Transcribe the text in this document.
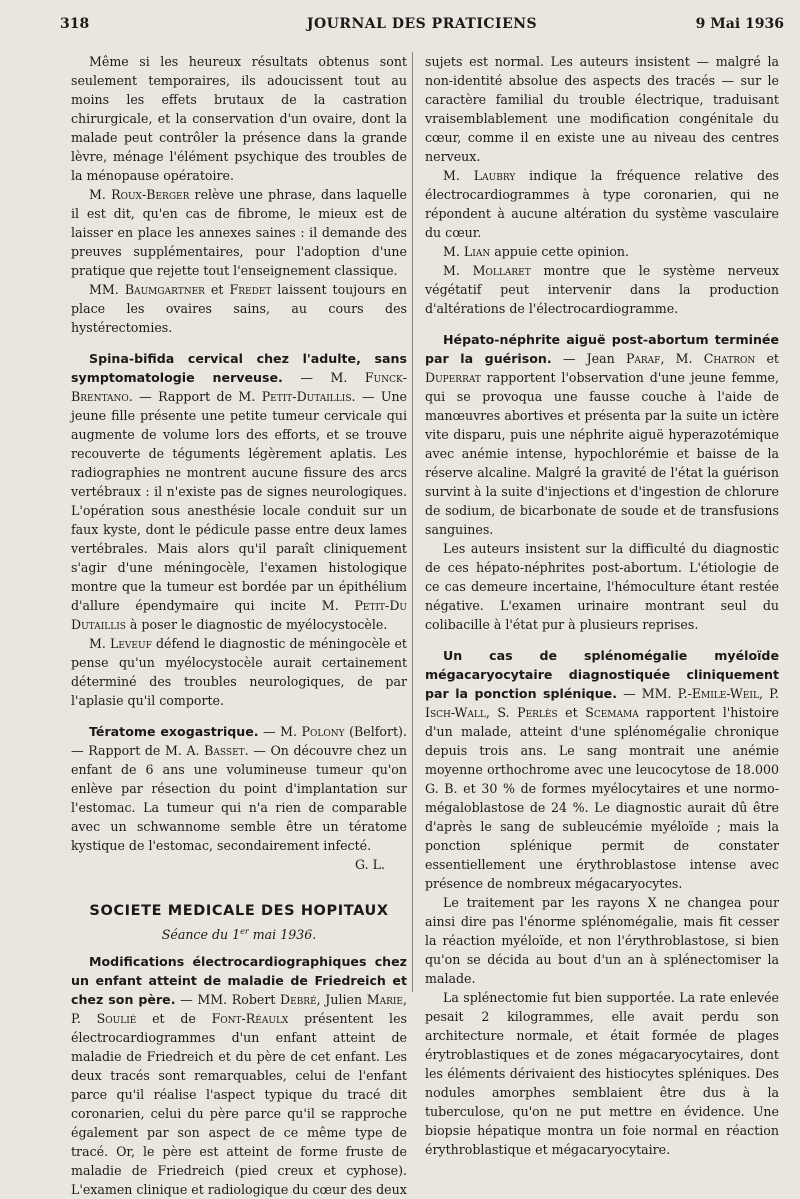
JOURNAL DES PRATICIENS
318	9 Mai 1936

Même si les heureux résultats obtenus sont seulement temporaires, ils adoucissent tout au moins les effets brutaux de la castration chirurgicale, et la conservation d'un ovaire, dont la malade peut contrôler la présence dans la grande lèvre, ménage l'élément psychique des troubles de la ménopause opératoire.

M. Roux-Berger relève une phrase, dans laquelle il est dit, qu'en cas de fibrome, le mieux est de laisser en place les annexes saines : il demande des preuves supplémentaires, pour l'adoption d'une pratique que rejette tout l'enseignement classique.

MM. Baumgartner et Fredet laissent toujours en place les ovaires sains, au cours des hystérectomies.

Spina-bifida cervical chez l'adulte, sans symptomatologie nerveuse. — M. Funck-Brentano. — Rapport de M. Petit-Dutaillis. — Une jeune fille présente une petite tumeur cervicale qui augmente de volume lors des efforts, et se trouve recouverte de téguments légèrement aplatis. Les radiographies ne montrent aucune fissure des arcs vertébraux : il n'existe pas de signes neurologiques. L'opération sous anesthésie locale conduit sur un faux kyste, dont le pédicule passe entre deux lames vertébrales. Mais alors qu'il paraît cliniquement s'agir d'une méningocèle, l'examen histologique montre que la tumeur est bordée par un épithélium d'allure épendymaire qui incite M. Petit-Du Dutaillis à poser le diagnostic de myélocystocèle.

M. Leveuf défend le diagnostic de méningocèle et pense qu'un myélocystocèle aurait certainement déterminé des troubles neurologiques, de par l'aplasie qu'il comporte.

Tératome exogastrique. — M. Polony (Belfort). — Rapport de M. A. Basset. — On découvre chez un enfant de 6 ans une volumineuse tumeur qu'on enlève par résection du point d'implantation sur l'estomac. La tumeur qui n'a rien de comparable avec un schwannome semble être un tératome kystique de l'estomac, secondairement infecté.

G. L.
SOCIETE MEDICALE DES HOPITAUX
Séance du 1er mai 1936.

Modifications électrocardiographiques chez un enfant atteint de maladie de Friedreich et chez son père. — MM. Robert Debré, Julien Marie, P. Soulié et de Font-Réaulx présentent les électrocardiogrammes d'un enfant atteint de maladie de Friedreich et du père de cet enfant. Les deux tracés sont remarquables, celui de l'enfant parce qu'il réalise l'aspect typique du tracé dit coronarien, celui du père parce qu'il se rapproche également par son aspect de ce même type de tracé. Or, le père est atteint de forme fruste de maladie de Friedreich (pied creux et cyphose). L'examen clinique et radiologique du cœur des deux

sujets est normal. Les auteurs insistent — malgré la non-identité absolue des aspects des tracés — sur le caractère familial du trouble électrique, traduisant vraisemblablement une modification congénitale du cœur, comme il en existe une au niveau des centres nerveux.

M. Laubry indique la fréquence relative des électrocardiogrammes à type coronarien, qui ne répondent à aucune altération du système vasculaire du cœur.

M. Lian appuie cette opinion.

M. Mollaret montre que le système nerveux végétatif peut intervenir dans la production d'altérations de l'électrocardiogramme.

Hépato-néphrite aiguë post-abortum terminée par la guérison. — Jean Paraf, M. Chatron et Duperrat rapportent l'observation d'une jeune femme, qui se provoqua une fausse couche à l'aide de manœuvres abortives et présenta par la suite un ictère vite disparu, puis une néphrite aiguë hyperazotémique avec anémie intense, hypochlorémie et baisse de la réserve alcaline. Malgré la gravité de l'état la guérison survint à la suite d'injections et d'ingestion de chlorure de sodium, de bicarbonate de soude et de transfusions sanguines.

Les auteurs insistent sur la difficulté du diagnostic de ces hépato-néphrites post-abortum. L'étiologie de ce cas demeure incertaine, l'hémoculture étant restée négative. L'examen urinaire montrant seul du colibacille à l'état pur à plusieurs reprises.

Un cas de splénomégalie myéloïde mégacaryocytaire diagnostiquée cliniquement par la ponction splénique. — MM. P.-Emile-Weil, P. Isch-Wall, S. Perlès et Scemama rapportent l'histoire d'un malade, atteint d'une splénomégalie chronique depuis trois ans. Le sang montrait une anémie moyenne orthochrome avec une leucocytose de 18.000 G. B. et 30 % de formes myélocytaires et une normo-mégaloblastose de 24 %. Le diagnostic aurait dû être d'après le sang de subleucémie myéloïde ; mais la ponction splénique permit de constater essentiellement une érythroblastose intense avec présence de nombreux mégacaryocytes.

Le traitement par les rayons X ne changea pour ainsi dire pas l'énorme splénomégalie, mais fit cesser la réaction myéloïde, et non l'érythroblastose, si bien qu'on se décida au bout d'un an à splénectomiser la malade.

La splénectomie fut bien supportée. La rate enlevée pesait 2 kilogrammes, elle avait perdu son architecture normale, et était formée de plages érytroblastiques et de zones mégacaryocytaires, dont les éléments dérivaient des histiocytes spléniques. Des nodules amorphes semblaient être dus à la tuberculose, qu'on ne put mettre en évidence. Une biopsie hépatique montra un foie normal en réaction érythroblastique et mégacaryocytaire.
